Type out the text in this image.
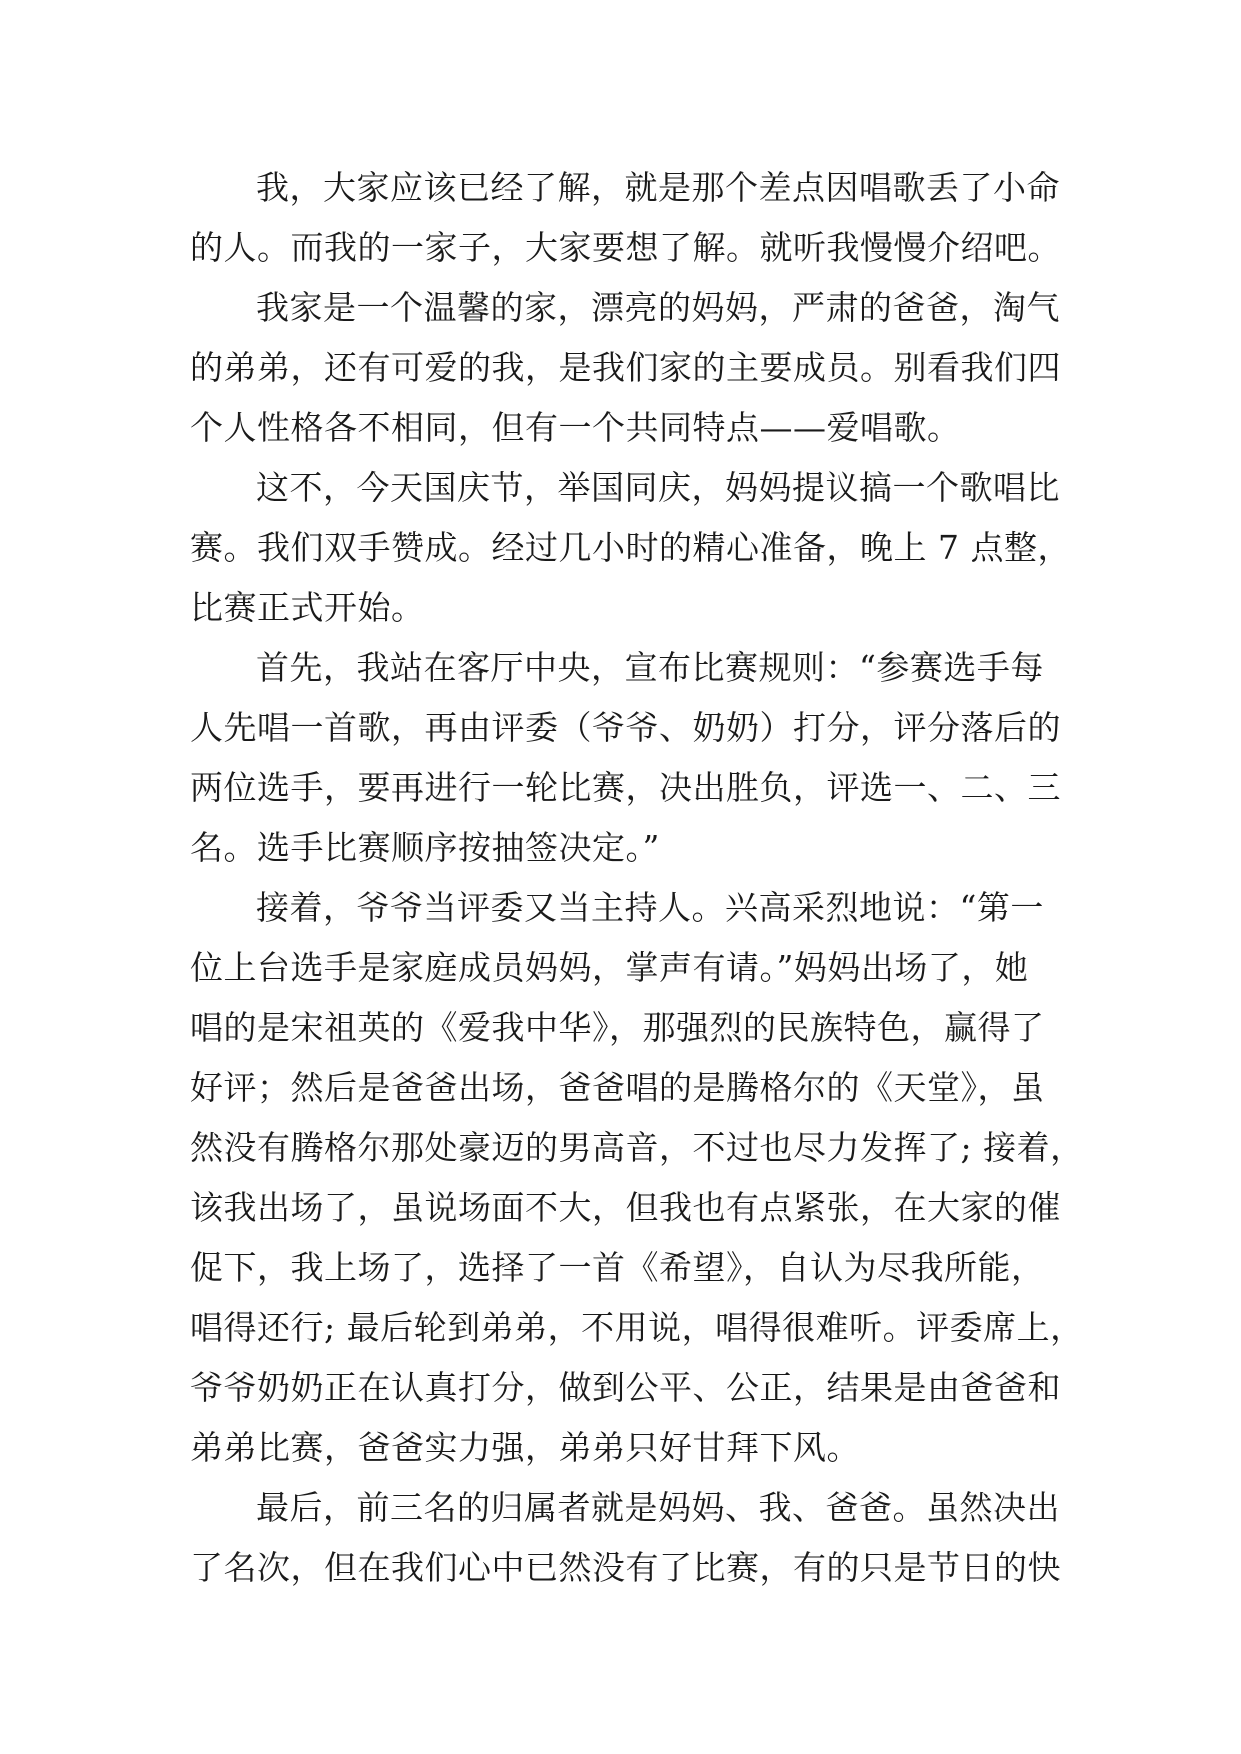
我，大家应该已经了解，就是那个差点因唱歌丢了小命
的人。而我的一家子，大家要想了解。就听我慢慢介绍吧。
我家是一个温馨的家，漂亮的妈妈，严肃的爸爸，淘气
的弟弟，还有可爱的我，是我们家的主要成员。别看我们四
个人性格各不相同，但有一个共同特点——爱唱歌。
这不，今天国庆节，举国同庆，妈妈提议搞一个歌唱比
赛。我们双手赞成。经过几小时的精心准备，晚上 7 点整，
比赛正式开始。
首先，我站在客厅中央，宣布比赛规则：“参赛选手每
人先唱一首歌，再由评委（爷爷、奶奶）打分，评分落后的
两位选手，要再进行一轮比赛，决出胜负，评选一、二、三
名。选手比赛顺序按抽签决定。”
接着，爷爷当评委又当主持人。兴高采烈地说：“第一
位上台选手是家庭成员妈妈，掌声有请。”妈妈出场了，她
唱的是宋祖英的《爱我中华》，那强烈的民族特色，赢得了
好评；然后是爸爸出场，爸爸唱的是腾格尔的《天堂》，虽
然没有腾格尔那处豪迈的男高音，不过也尽力发挥了; 接着，
该我出场了，虽说场面不大，但我也有点紧张，在大家的催
促下，我上场了，选择了一首《希望》，自认为尽我所能，
唱得还行; 最后轮到弟弟，不用说，唱得很难听。评委席上，
爷爷奶奶正在认真打分，做到公平、公正，结果是由爸爸和
弟弟比赛，爸爸实力强，弟弟只好甘拜下风。
最后，前三名的归属者就是妈妈、我、爸爸。虽然决出
了名次，但在我们心中已然没有了比赛，有的只是节日的快
